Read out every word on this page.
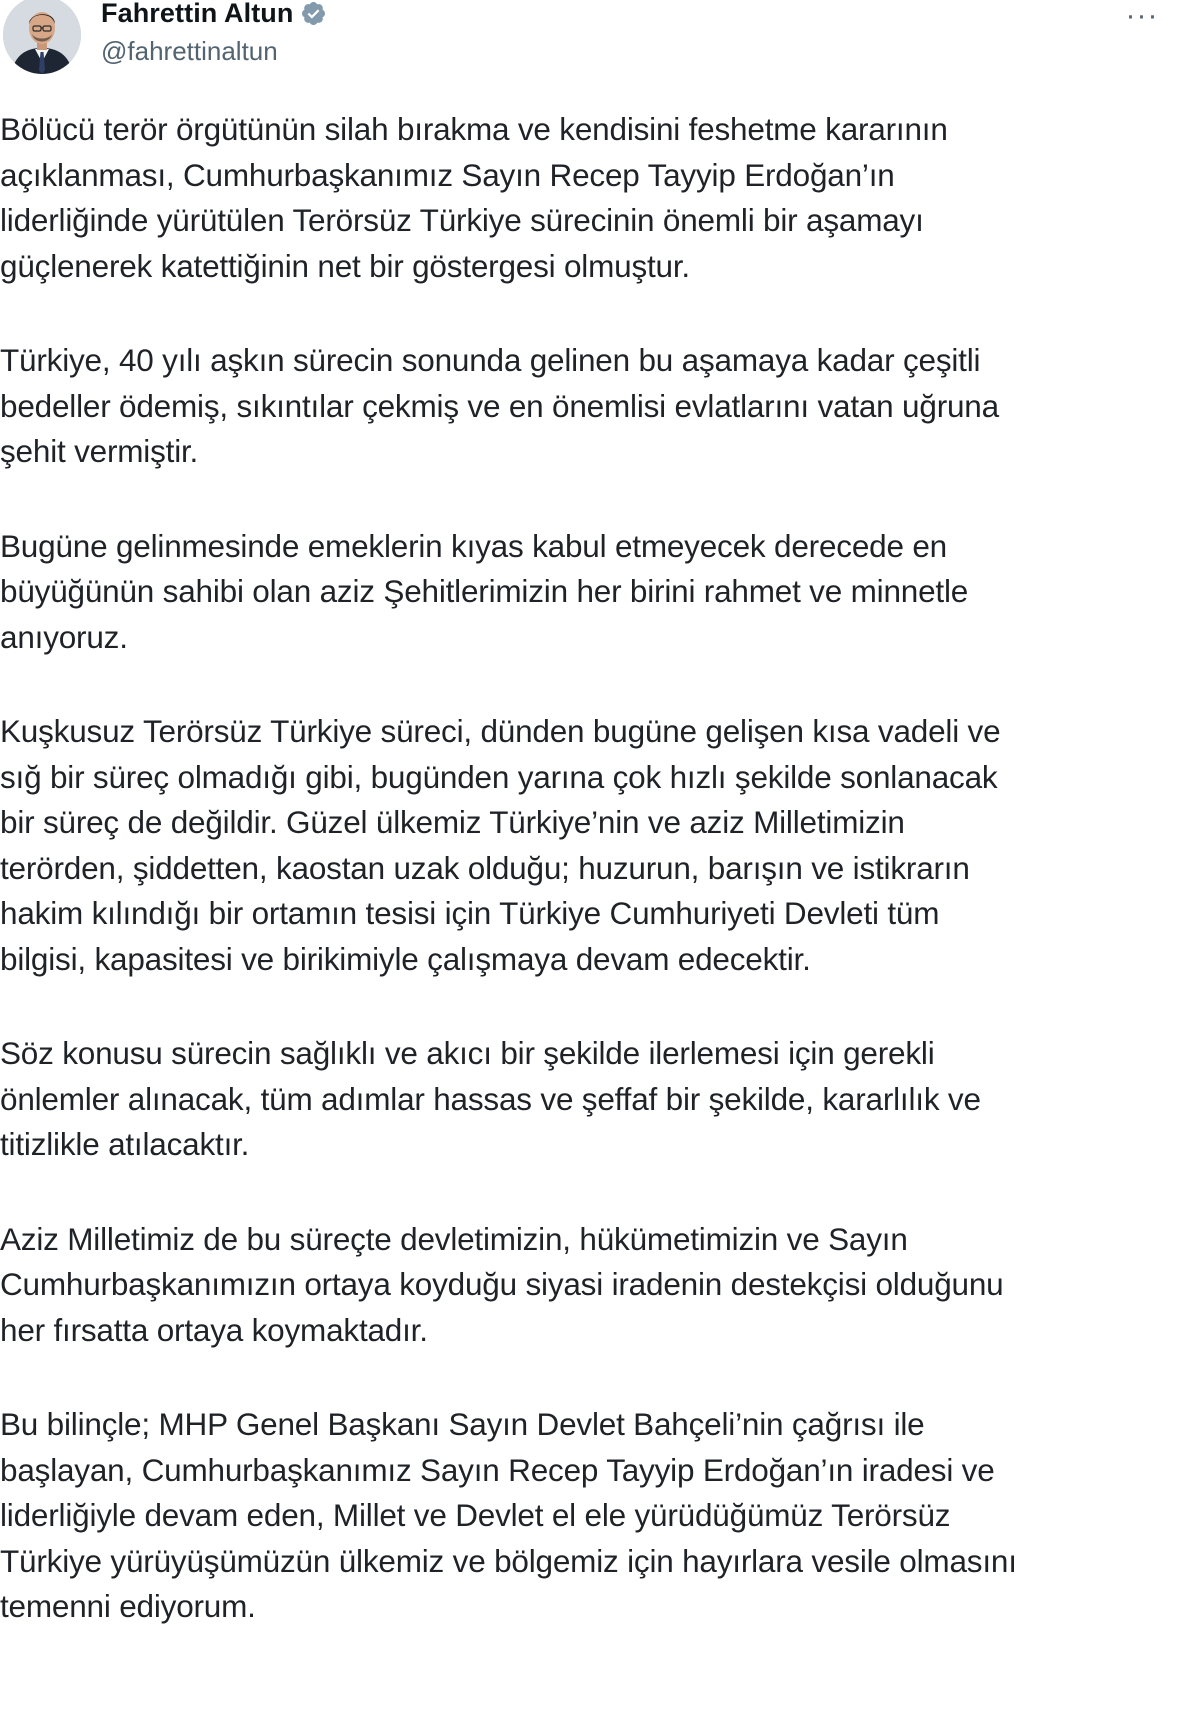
Fahrettin Altun
@fahrettinaltun
···

Bölücü terör örgütünün silah bırakma ve kendisini feshetme kararının
açıklanması, Cumhurbaşkanımız Sayın Recep Tayyip Erdoğan’ın
liderliğinde yürütülen Terörsüz Türkiye sürecinin önemli bir aşamayı
güçlenerek katettiğinin net bir göstergesi olmuştur.

Türkiye, 40 yılı aşkın sürecin sonunda gelinen bu aşamaya kadar çeşitli
bedeller ödemiş, sıkıntılar çekmiş ve en önemlisi evlatlarını vatan uğruna
şehit vermiştir.

Bugüne gelinmesinde emeklerin kıyas kabul etmeyecek derecede en
büyüğünün sahibi olan aziz Şehitlerimizin her birini rahmet ve minnetle
anıyoruz.

Kuşkusuz Terörsüz Türkiye süreci, dünden bugüne gelişen kısa vadeli ve
sığ bir süreç olmadığı gibi, bugünden yarına çok hızlı şekilde sonlanacak
bir süreç de değildir. Güzel ülkemiz Türkiye’nin ve aziz Milletimizin
terörden, şiddetten, kaostan uzak olduğu; huzurun, barışın ve istikrarın
hakim kılındığı bir ortamın tesisi için Türkiye Cumhuriyeti Devleti tüm
bilgisi, kapasitesi ve birikimiyle çalışmaya devam edecektir.

Söz konusu sürecin sağlıklı ve akıcı bir şekilde ilerlemesi için gerekli
önlemler alınacak, tüm adımlar hassas ve şeffaf bir şekilde, kararlılık ve
titizlikle atılacaktır.

Aziz Milletimiz de bu süreçte devletimizin, hükümetimizin ve Sayın
Cumhurbaşkanımızın ortaya koyduğu siyasi iradenin destekçisi olduğunu
her fırsatta ortaya koymaktadır.

Bu bilinçle; MHP Genel Başkanı Sayın Devlet Bahçeli’nin çağrısı ile
başlayan, Cumhurbaşkanımız Sayın Recep Tayyip Erdoğan’ın iradesi ve
liderliğiyle devam eden, Millet ve Devlet el ele yürüdüğümüz Terörsüz
Türkiye yürüyüşümüzün ülkemiz ve bölgemiz için hayırlara vesile olmasını
temenni ediyorum.
